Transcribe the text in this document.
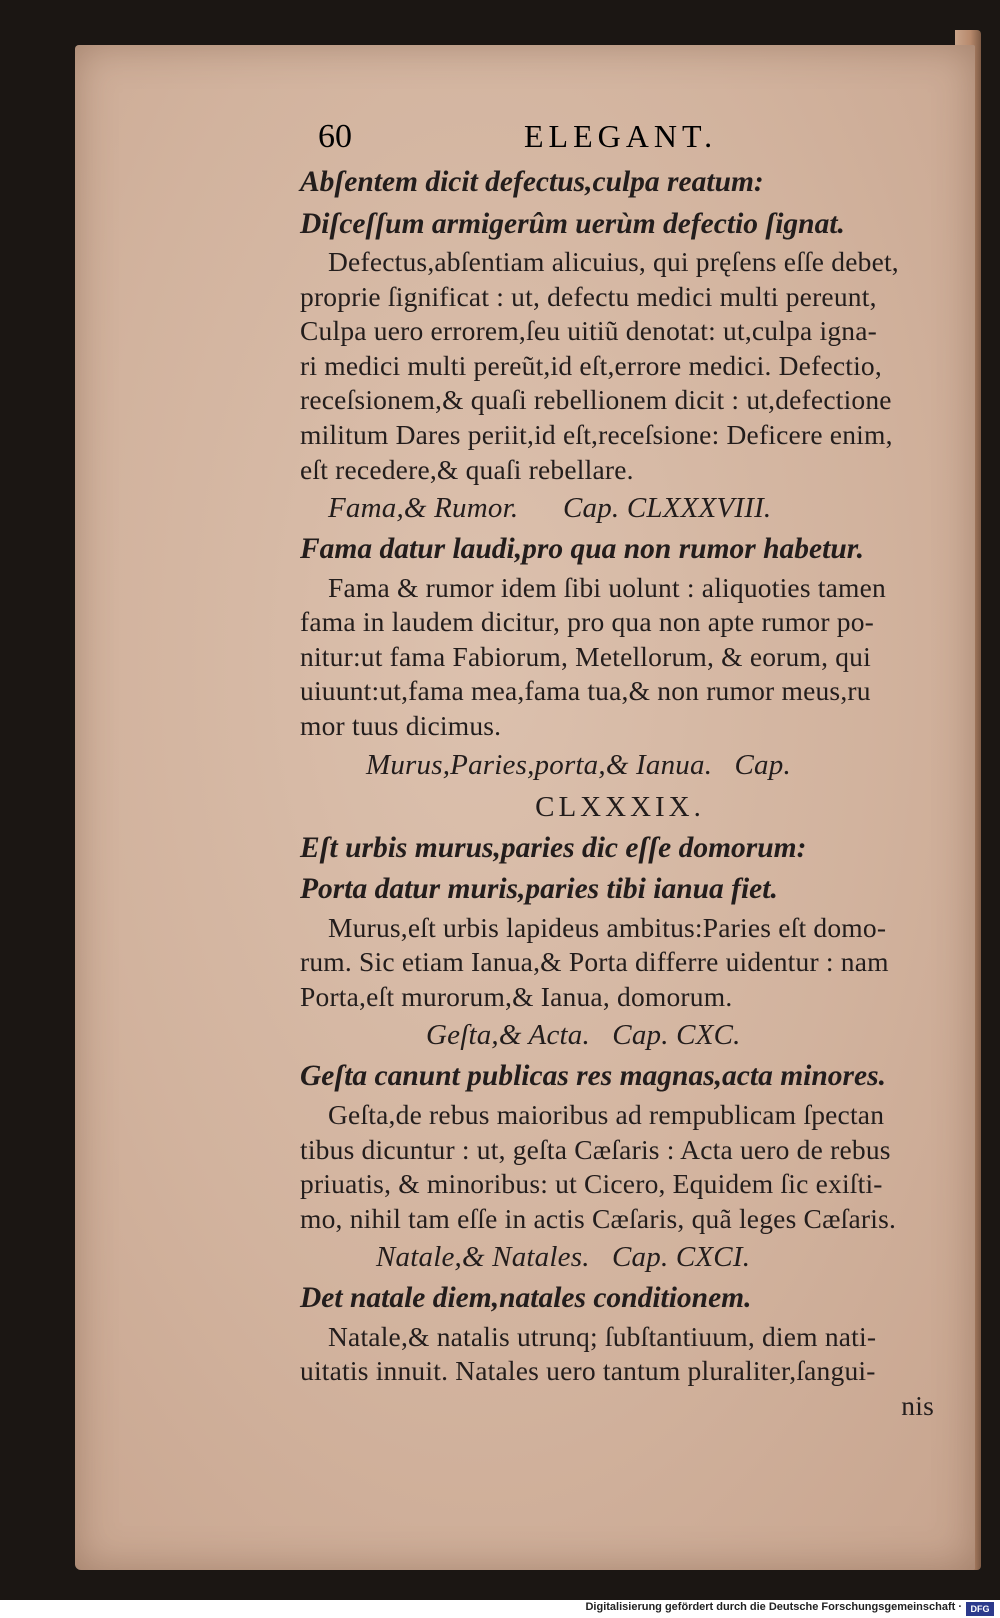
60	ELEGANT.
Abſentem dicit defectus,culpa reatum:
Diſceſſum armigerûm uerùm defectio ſignat.
Defectus,abſentiam alicuius, qui pręſens eſſe debet,
proprie ſignificat : ut, defectu medici multi pereunt,
Culpa uero errorem,ſeu uitiũ denotat: ut,culpa igna-
ri medici multi pereũt,id eſt,errore medici. Defectio,
receſsionem,& quaſi rebellionem dicit : ut,defectione
militum Dares periit,id eſt,receſsione: Deficere enim,
eſt recedere,& quaſi rebellare.
Fama,& Rumor.      Cap. CLXXXVIII.
Fama datur laudi,pro qua non rumor habetur.
Fama & rumor idem ſibi uolunt : aliquoties tamen
fama in laudem dicitur, pro qua non apte rumor po-
nitur:ut fama Fabiorum, Metellorum, & eorum, qui
uiuunt:ut,fama mea,fama tua,& non rumor meus,ru
mor tuus dicimus.
Murus,Paries,porta,& Ianua.   Cap.
CLXXXIX.
Eſt urbis murus,paries dic eſſe domorum:
Porta datur muris,paries tibi ianua fiet.
Murus,eſt urbis lapideus ambitus:Paries eſt domo-
rum. Sic etiam Ianua,& Porta differre uidentur : nam
Porta,eſt murorum,& Ianua, domorum.
Geſta,& Acta.   Cap. CXC.
Geſta canunt publicas res magnas,acta minores.
Geſta,de rebus maioribus ad rempublicam ſpectan
tibus dicuntur : ut, geſta Cæſaris : Acta uero de rebus
priuatis, & minoribus: ut Cicero, Equidem ſic exiſti-
mo, nihil tam eſſe in actis Cæſaris, quã leges Cæſaris.
Natale,& Natales.   Cap. CXCI.
Det natale diem,natales conditionem.
Natale,& natalis utrunq; ſubſtantiuum, diem nati-
uitatis innuit. Natales uero tantum pluraliter,ſangui-
nis
Digitalisierung gefördert durch die Deutsche Forschungsgemeinschaft · DFG
